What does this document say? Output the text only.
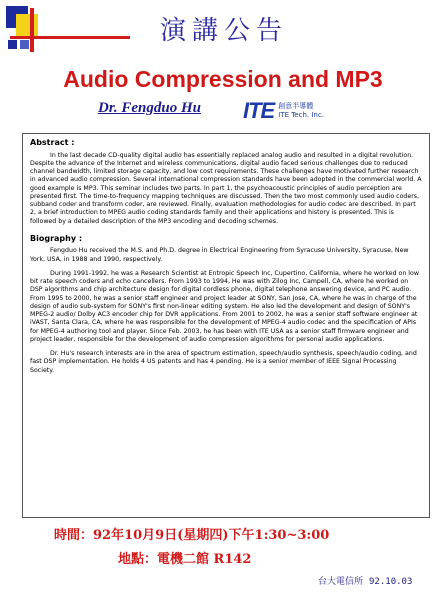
演講公告
Audio Compression and MP3
Dr. Fengduo Hu ITE 創意半導體
ITE Tech. Inc.
Abstract :

In the last decade CD-quality digital audio has essentially replaced analog audio and resulted in a digital revolution. Despite the advance of the Internet and wireless communications, digital audio faced serious challenges due to reduced channel bandwidth, limited storage capacity, and low cost requirements. These challenges have motivated further research in advanced audio compression. Several international compression standards have been adopted in the commercial world. A good example is MP3. This seminar includes two parts. In part 1, the psychoacoustic principles of audio perception are presented first. The time-to-frequency mapping techniques are discussed. Then the two most commonly used audio coders, subband coder and transform coder, are reviewed. Finally, evaluation methodologies for audio codec are described. In part 2, a brief introduction to MPEG audio coding standards family and their applications and history is presented. This is followed by a detailed description of the MP3 encoding and decoding schemes.

Biography :

Fengduo Hu received the M.S. and Ph.D. degree in Electrical Engineering from Syracuse University, Syracuse, New York, USA, in 1988 and 1990, respectively.

During 1991-1992, he was a Research Scientist at Entropic Speech Inc, Cupertino, California, where he worked on low bit rate speech coders and echo cancellers. From 1993 to 1994, He was with Zilog Inc, Campell, CA, where he worked on DSP algorithms and chip architecture design for digital cordless phone, digital telephone answering device, and PC audio. From 1995 to 2000, he was a senior staff engineer and project leader at SONY, San Jose, CA, where he was in charge of the design of audio sub-system for SONY's first non-linear editing system. He also led the development and design of SONY's MPEG-2 audio/ Dolby AC3 encoder chip for DVR applications. From 2001 to 2002, he was a senior staff software engineer at iVAST, Santa Clara, CA, where he was responsible for the development of MPEG-4 audio codec and the specification of APIs for MPEG-4 authoring tool and player. Since Feb. 2003, he has been with ITE USA as a senior staff firmware engineer and project leader, responsible for the development of audio compression algorithms for personal audio applications.

Dr. Hu's research interests are in the area of spectrum estimation, speech/audio synthesis, speech/audio coding, and fast DSP implementation. He holds 4 US patents and has 4 pending. He is a senior member of IEEE Signal Processing Society.

時間：92年10月9日(星期四)下午1:30~3:00
地點：電機二館 R142
台大電信所 92.10.03
